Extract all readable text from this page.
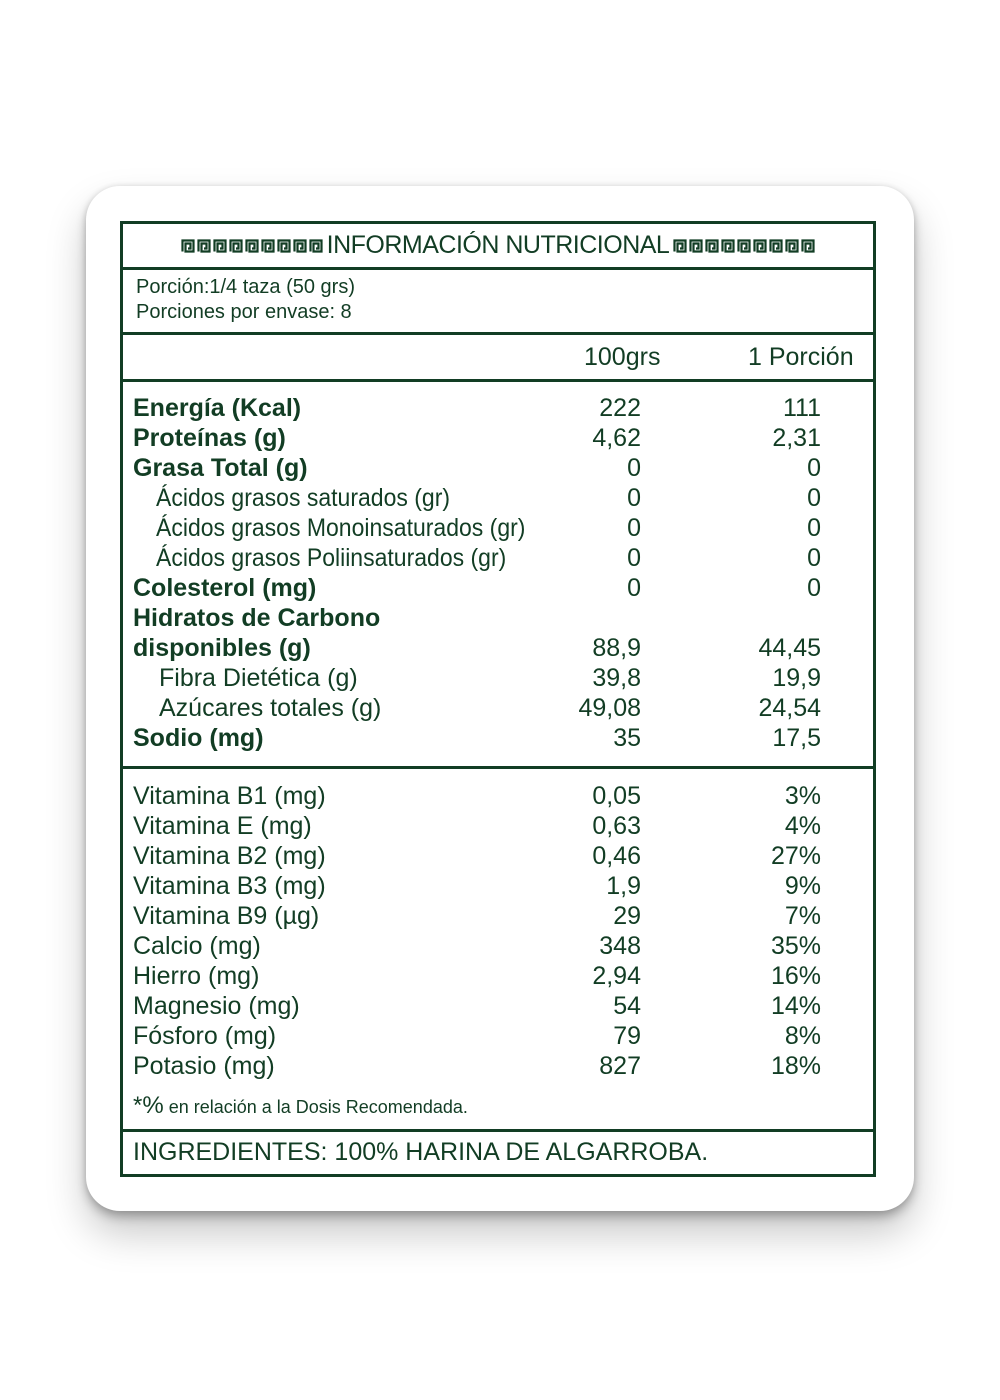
INFORMACIÓN NUTRICIONAL
Porción:1/4 taza (50 grs)
Porciones por envase: 8
100grs	1 Porción
Energía (Kcal)	222	111
Proteínas (g)	4,62	2,31
Grasa Total (g)	0	0
Ácidos grasos saturados (gr)	0	0
Ácidos grasos Monoinsaturados (gr)	0	0
Ácidos grasos Poliinsaturados (gr)	0	0
Colesterol (mg)	0	0
Hidratos de Carbono
disponibles (g)	88,9	44,45
Fibra Dietética (g)	39,8	19,9
Azúcares totales (g)	49,08	24,54
Sodio (mg)	35	17,5
Vitamina B1 (mg)	0,05	3%
Vitamina E (mg)	0,63	4%
Vitamina B2 (mg)	0,46	27%
Vitamina B3 (mg)	1,9	9%
Vitamina B9 (µg)	29	7%
Calcio (mg)	348	35%
Hierro (mg)	2,94	16%
Magnesio (mg)	54	14%
Fósforo (mg)	79	8%
Potasio (mg)	827	18%
*% en relación a la Dosis Recomendada.
INGREDIENTES: 100% HARINA DE ALGARROBA.
